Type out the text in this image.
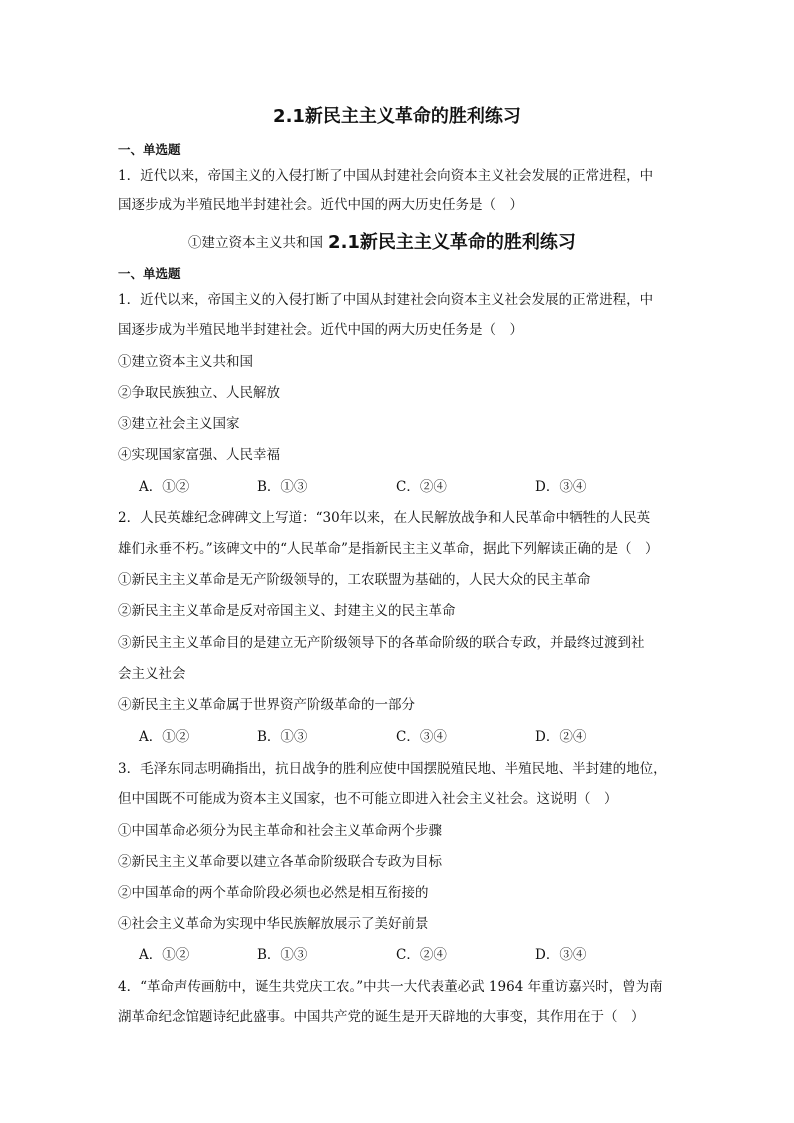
2.1新民主主义革命的胜利练习
一、单选题
1．近代以来，帝国主义的入侵打断了中国从封建社会向资本主义社会发展的正常进程，中
国逐步成为半殖民地半封建社会。近代中国的两大历史任务是（　）
①建立资本主义共和国 2.1新民主主义革命的胜利练习
一、单选题
1．近代以来，帝国主义的入侵打断了中国从封建社会向资本主义社会发展的正常进程，中
国逐步成为半殖民地半封建社会。近代中国的两大历史任务是（　）
①建立资本主义共和国
②争取民族独立、人民解放
③建立社会主义国家
④实现国家富强、人民幸福
A．①②	B．①③	C．②④	D．③④
2．人民英雄纪念碑碑文上写道：“30年以来，在人民解放战争和人民革命中牺牲的人民英
雄们永垂不朽。”该碑文中的“人民革命”是指新民主主义革命，据此下列解读正确的是（　）
①新民主主义革命是无产阶级领导的，工农联盟为基础的，人民大众的民主革命
②新民主主义革命是反对帝国主义、封建主义的民主革命
③新民主主义革命目的是建立无产阶级领导下的各革命阶级的联合专政，并最终过渡到社
会主义社会
④新民主主义革命属于世界资产阶级革命的一部分
A．①②	B．①③	C．③④	D．②④
3．毛泽东同志明确指出，抗日战争的胜利应使中国摆脱殖民地、半殖民地、半封建的地位，
但中国既不可能成为资本主义国家，也不可能立即进入社会主义社会。这说明（　）
①中国革命必须分为民主革命和社会主义革命两个步骤
②新民主主义革命要以建立各革命阶级联合专政为目标
②中国革命的两个革命阶段必须也必然是相互衔接的
④社会主义革命为实现中华民族解放展示了美好前景
A．①②	B．①③	C．②④	D．③④
4．“革命声传画舫中，诞生共党庆工农。”中共一大代表董必武 1964 年重访嘉兴时，曾为南
湖革命纪念馆题诗纪此盛事。中国共产党的诞生是开天辟地的大事变，其作用在于（　）
